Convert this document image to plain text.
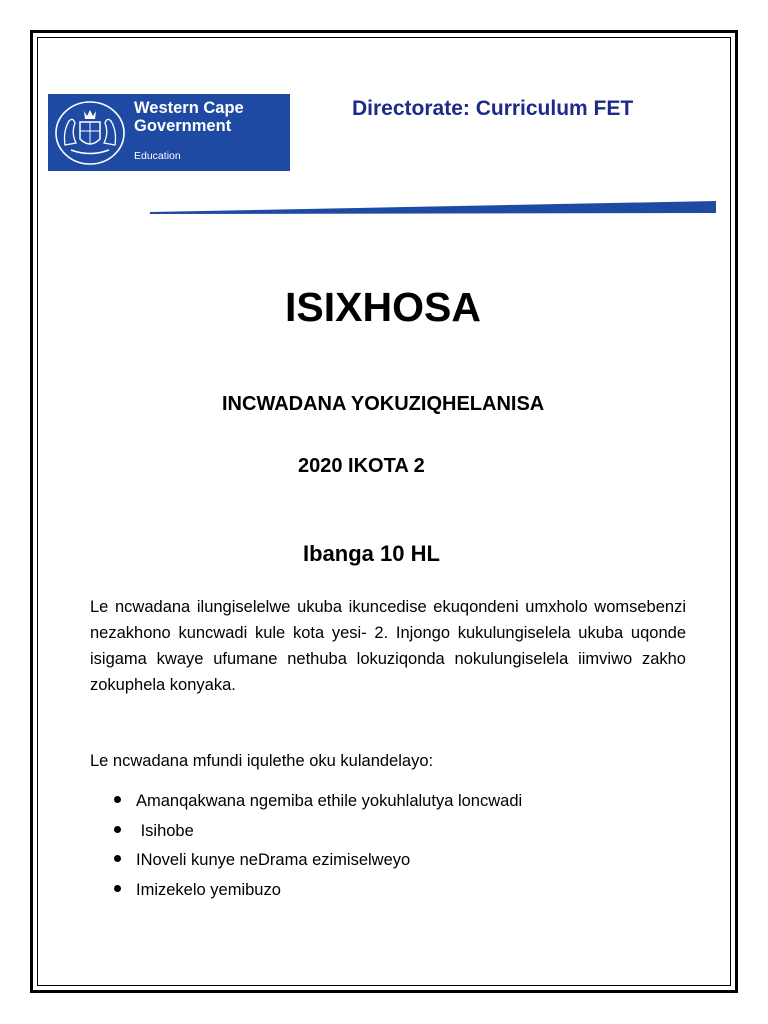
Western Cape
Government
Education
Directorate: Curriculum FET
ISIXHOSA
INCWADANA YOKUZIQHELANISA
2020 IKOTA 2
Ibanga 10 HL

Le ncwadana ilungiselelwe ukuba ikuncedise ekuqondeni umxholo womsebenzi nezakhono kuncwadi kule kota yesi- 2. Injongo kukulungiselela ukuba uqonde isigama kwaye ufumane nethuba lokuziqonda nokulungiselela iimviwo zakho zokuphela konyaka.

Le ncwadana mfundi iqulethe oku kulandelayo:
Amanqakwana ngemiba ethile yokuhlalutya loncwadi
Isihobe
INoveli kunye neDrama ezimiselweyo
Imizekelo yemibuzo
